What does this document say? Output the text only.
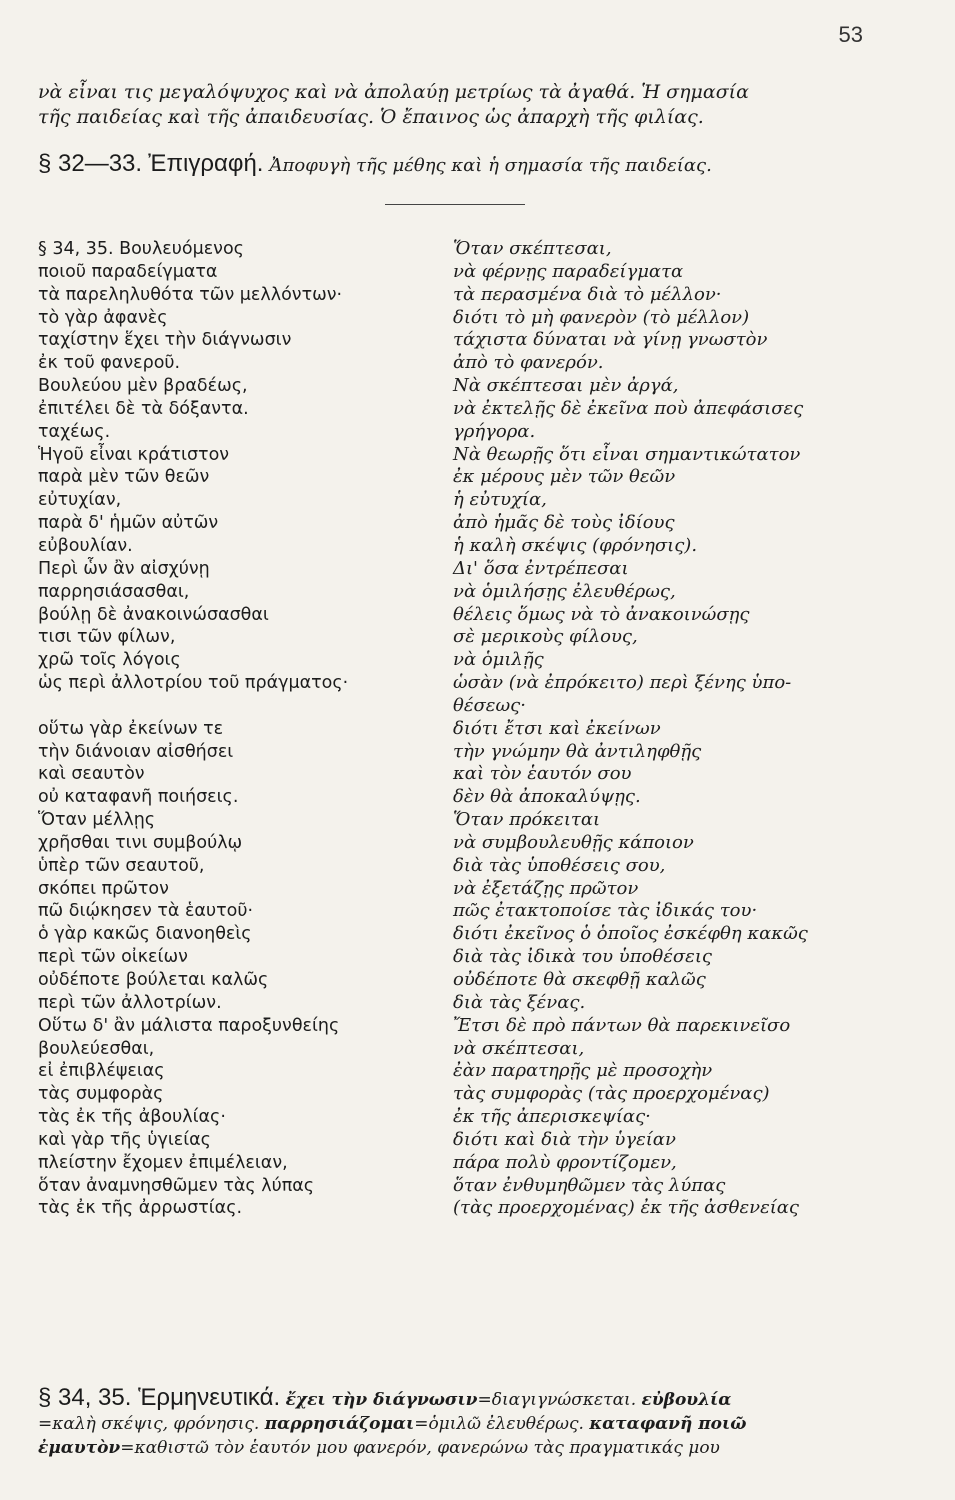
53
νὰ εἶναι τις μεγαλόψυχος καὶ νὰ ἀπολαύῃ μετρίως τὰ ἀγαθά. Ἡ σημασία
τῆς παιδείας καὶ τῆς ἀπαιδευσίας. Ὁ ἔπαινος ὡς ἀπαρχὴ τῆς φιλίας.
§ 32—33. Ἐπιγραφή. Ἀποφυγὴ τῆς μέθης καὶ ἡ σημασία τῆς παιδείας.
§ 34, 35. Βουλευόμενος
ποιοῦ παραδείγματα
τὰ παρεληλυθότα τῶν μελλόντων·
τὸ γὰρ ἀφανὲς
ταχίστην ἕχει τὴν διάγνωσιν
ἐκ τοῦ φανεροῦ.
Βουλεύου μὲν βραδέως,
ἐπιτέλει δὲ τὰ δόξαντα.
ταχέως.
Ἡγοῦ εἶναι κράτιστον
παρὰ μὲν τῶν θεῶν
εὐτυχίαν,
παρὰ δ' ἡμῶν αὐτῶν
εὐβουλίαν.
Περὶ ὧν ἂν αἰσχύνῃ
παρρησιάσασθαι,
βούλῃ δὲ ἀνακοινώσασθαι
τισι τῶν φίλων,
χρῶ τοῖς λόγοις
ὡς περὶ ἀλλοτρίου τοῦ πράγματος·
οὕτω γὰρ ἐκείνων τε
τὴν διάνοιαν αἰσθήσει
καὶ σεαυτὸν
οὐ καταφανῆ ποιήσεις.
Ὅταν μέλλῃς
χρῆσθαι τινι συμβούλῳ
ὑπὲρ τῶν σεαυτοῦ,
σκόπει πρῶτον
πῶ διῴκησεν τὰ ἑαυτοῦ·
ὁ γὰρ κακῶς διανοηθεὶς
περὶ τῶν οἰκείων
οὐδέποτε βούλεται καλῶς
περὶ τῶν ἀλλοτρίων.
Οὕτω δ' ἂν μάλιστα παροξυνθείης
βουλεύεσθαι,
εἰ ἐπιβλέψειας
τὰς συμφορὰς
τὰς ἐκ τῆς ἀβουλίας·
καὶ γὰρ τῆς ὑγιείας
πλείστην ἔχομεν ἐπιμέλειαν,
ὅταν ἀναμνησθῶμεν τὰς λύπας
τὰς ἐκ τῆς ἀρρωστίας.
Ὅταν σκέπτεσαι,
νὰ φέρνῃς παραδείγματα
τὰ περασμένα διὰ τὸ μέλλον·
διότι τὸ μὴ φανερὸν (τὸ μέλλον)
τάχιστα δύναται νὰ γίνῃ γνωστὸν
ἀπὸ τὸ φανερόν.
Νὰ σκέπτεσαι μὲν ἀργά,
νὰ ἐκτελῇς δὲ ἐκεῖνα ποὺ ἀπεφάσισες
γρήγορα.
Νὰ θεωρῇς ὅτι εἶναι σημαντικώτατον
ἐκ μέρους μὲν τῶν θεῶν
ἡ εὐτυχία,
ἀπὸ ἡμᾶς δὲ τοὺς ἰδίους
ἡ καλὴ σκέψις (φρόνησις).
Δι' ὅσα ἐντρέπεσαι
νὰ ὁμιλήσῃς ἐλευθέρως,
θέλεις ὅμως νὰ τὸ ἀνακοινώσῃς
σὲ μερικοὺς φίλους,
νὰ ὁμιλῇς
ὡσὰν (νὰ ἐπρόκειτο) περὶ ξένης ὑπο-
θέσεως·
διότι ἔτσι καὶ ἐκείνων
τὴν γνώμην θὰ ἀντιληφθῇς
καὶ τὸν ἑαυτόν σου
δὲν θὰ ἀποκαλύψῃς.
Ὅταν πρόκειται
νὰ συμβουλευθῇς κάποιον
διὰ τὰς ὑποθέσεις σου,
νὰ ἐξετάζῃς πρῶτον
πῶς ἐτακτοποίσε τὰς ἰδικάς του·
διότι ἐκεῖνος ὁ ὁποῖος ἐσκέφθη κακῶς
διὰ τὰς ἰδικὰ του ὑποθέσεις
οὐδέποτε θὰ σκεφθῇ καλῶς
διὰ τὰς ξένας.
Ἔτσι δὲ πρὸ πάντων θὰ παρεκινεῖσο
νὰ σκέπτεσαι,
ἐὰν παρατηρῇς μὲ προσοχὴν
τὰς συμφορὰς (τὰς προερχομένας)
ἐκ τῆς ἀπερισκεψίας·
διότι καὶ διὰ τὴν ὑγείαν
πάρα πολὺ φροντίζομεν,
ὅταν ἐνθυμηθῶμεν τὰς λύπας
(τὰς προερχομένας) ἐκ τῆς ἀσθενείας
§ 34, 35. Ἑρμηνευτικά. ἔχει τὴν διάγνωσιν=διαγιγνώσκεται. εὐβουλία
=καλὴ σκέψις, φρόνησις. παρρησιάζομαι=ὁμιλῶ ἐλευθέρως. καταφανῆ ποιῶ
ἐμαυτὸν=καθιστῶ τὸν ἑαυτόν μου φανερόν, φανερώνω τὰς πραγματικάς μου
